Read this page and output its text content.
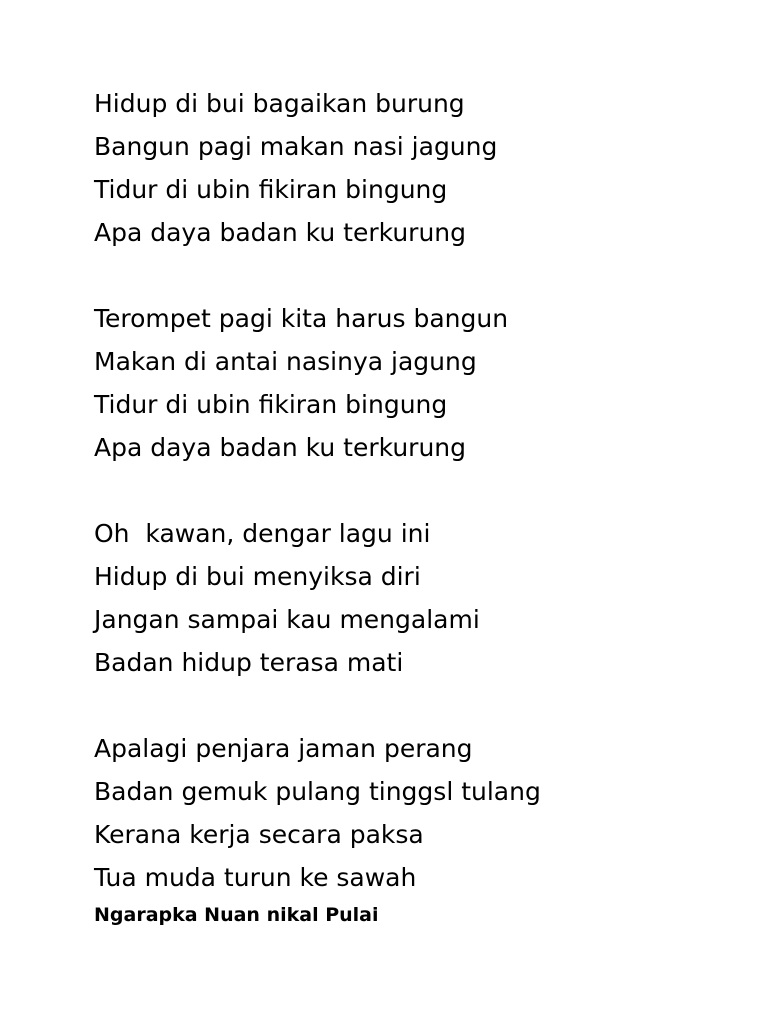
Hidup di bui bagaikan burung
Bangun pagi makan nasi jagung
Tidur di ubin fikiran bingung
Apa daya badan ku terkurung
Terompet pagi kita harus bangun
Makan di antai nasinya jagung
Tidur di ubin fikiran bingung
Apa daya badan ku terkurung
Oh  kawan, dengar lagu ini
Hidup di bui menyiksa diri
Jangan sampai kau mengalami
Badan hidup terasa mati
Apalagi penjara jaman perang
Badan gemuk pulang tinggsl tulang
Kerana kerja secara paksa
Tua muda turun ke sawah
Ngarapka Nuan nikal Pulai
